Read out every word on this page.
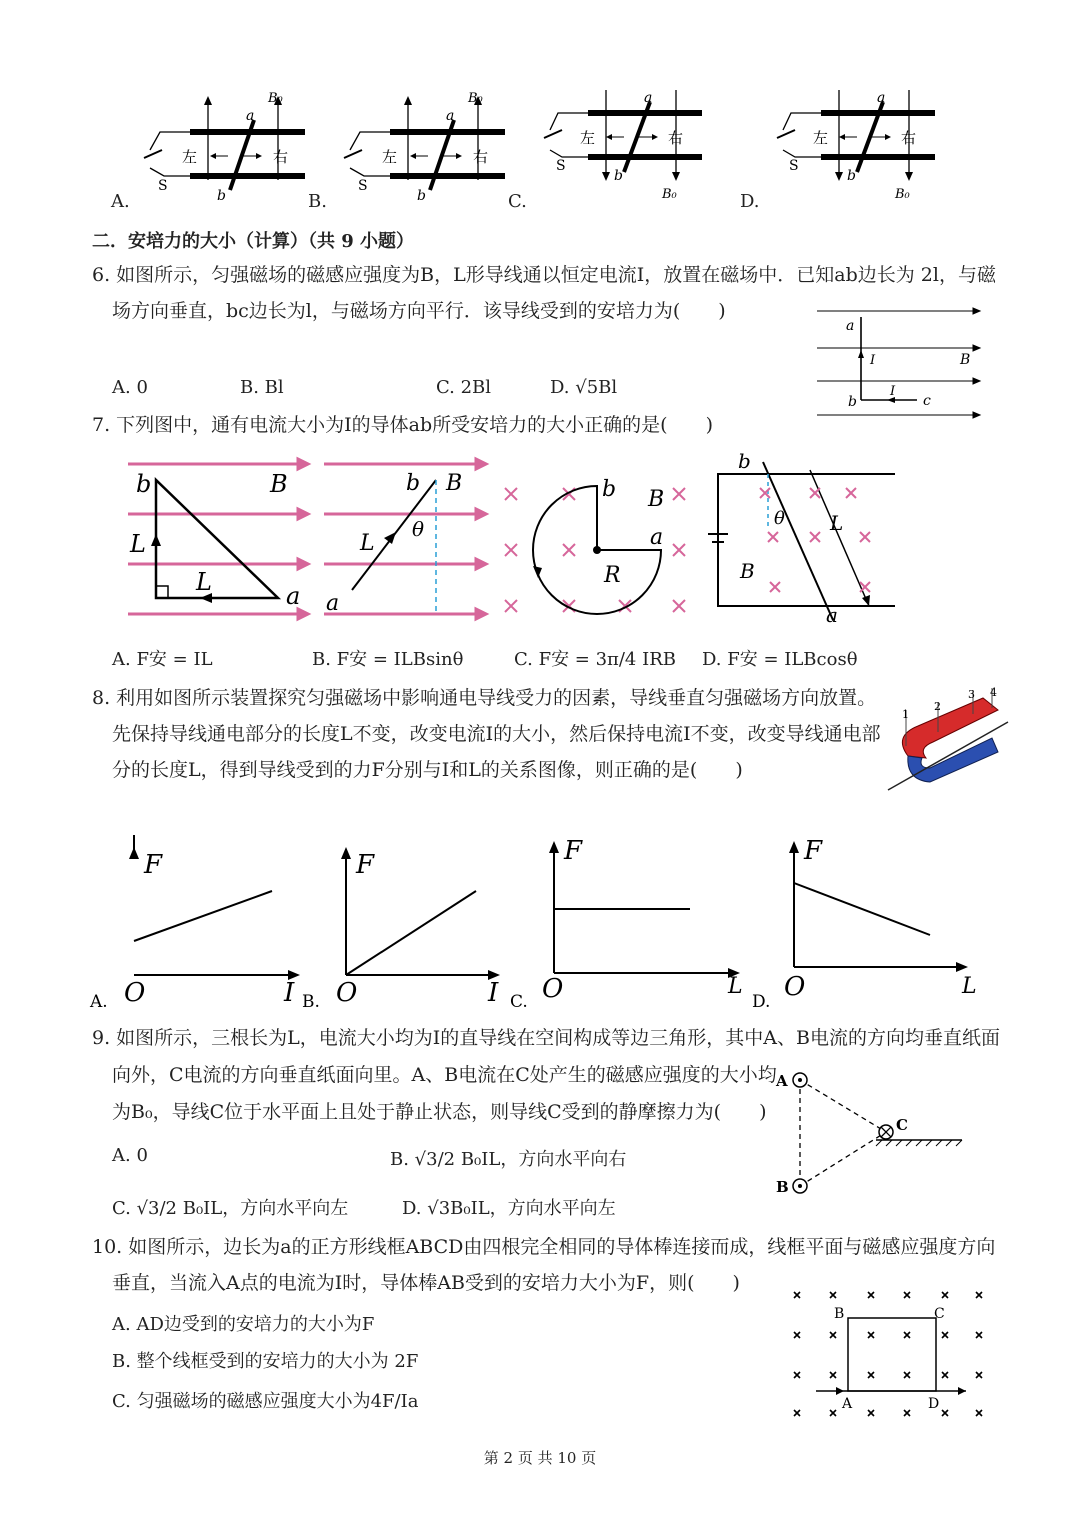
左	右
a
b
S
B₀
左	右
a
b
S
B₀
左	右
a
b
S
B₀
左	右
a
b
S
B₀
A.	B.	C.	D.
二．安培力的大小（计算）（共 9 小题）
6. 如图所示，匀强磁场的磁感应强度为B，L形导线通以恒定电流I，放置在磁场中．已知ab边长为 2l，与磁
场方向垂直，bc边长为l，与磁场方向平行．该导线受到的安培力为(　　)
A. 0	B. Bl	C. 2Bl	D. √5Bl
a
b	c
I
I
B
7. 下列图中，通有电流大小为I的导体ab所受安培力的大小正确的是(　　)
b
L
L	a
B	b B
L
θ
a
b B
a
R
b
θ L
B
a
A. F安 = IL	B. F安 = ILBsinθ	C. F安 = 3π/4 IRB D. F安 = ILBcosθ
8. 利用如图所示装置探究匀强磁场中影响通电导线受力的因素，导线垂直匀强磁场方向放置。
先保持导线通电部分的长度L不变，改变电流I的大小，然后保持电流I不变，改变导线通电部
分的长度L，得到导线受到的力F分别与I和L的关系图像，则正确的是(　　)
1
2
3 4
F
O	I
A.
F
O	I
B.
F
O	L
C.
F
O	L
D.
9. 如图所示，三根长为L，电流大小均为I的直导线在空间构成等边三角形，其中A、B电流的方向均垂直纸面
向外，C电流的方向垂直纸面向里。A、B电流在C处产生的磁感应强度的大小均
为B₀，导线C位于水平面上且处于静止状态，则导线C受到的静摩擦力为(　　)
A. 0	B. √3/2 B₀IL，方向水平向右
C. √3/2 B₀IL，方向水平向左	D. √3B₀IL，方向水平向左
A
B
C
10. 如图所示，边长为a的正方形线框ABCD由四根完全相同的导体棒连接而成，线框平面与磁感应强度方向
垂直，当流入A点的电流为I时，导体棒AB受到的安培力大小为F，则(　　)
A. AD边受到的安培力的大小为F
B. 整个线框受到的安培力的大小为 2F
C. 匀强磁场的磁感应强度大小为4F/Ia
B	C
A	D
第 2 页 共 10 页
